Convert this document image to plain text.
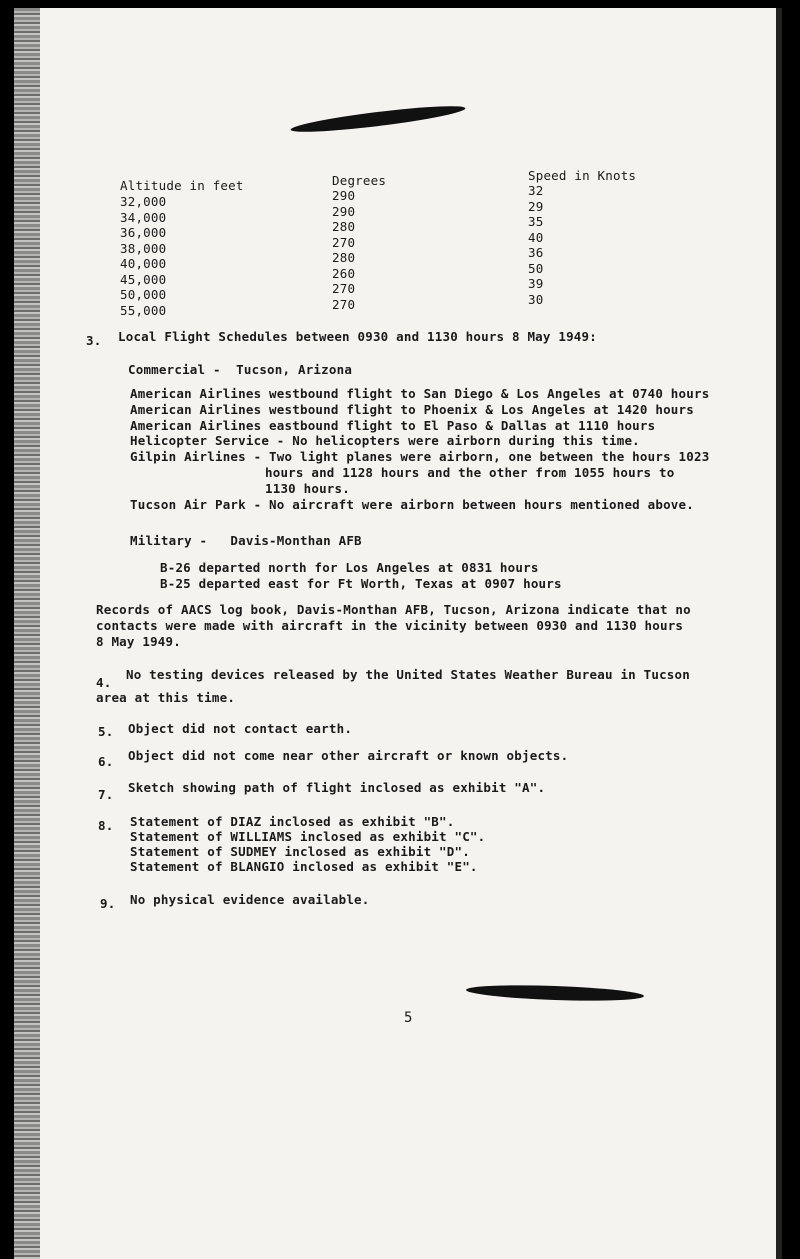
Altitude in feet	Degrees	Speed in Knots
32,000
34,000
36,000
38,000
40,000
45,000
50,000
55,000
290
290
280
270
280
260
270
270
32
29
35
40
36
50
39
30
3. Local Flight Schedules between 0930 and 1130 hours 8 May 1949:
Commercial -  Tucson, Arizona
American Airlines westbound flight to San Diego & Los Angeles at 0740 hours
American Airlines westbound flight to Phoenix & Los Angeles at 1420 hours
American Airlines eastbound flight to El Paso & Dallas at 1110 hours
Helicopter Service - No helicopters were airborn during this time.
Gilpin Airlines - Two light planes were airborn, one between the hours 1023
hours and 1128 hours and the other from 1055 hours to
1130 hours.
Tucson Air Park - No aircraft were airborn between hours mentioned above.
Military -   Davis-Monthan AFB
B-26 departed north for Los Angeles at 0831 hours
B-25 departed east for Ft Worth, Texas at 0907 hours
Records of AACS log book, Davis-Monthan AFB, Tucson, Arizona indicate that no
contacts were made with aircraft in the vicinity between 0930 and 1130 hours
8 May 1949.
4.
No testing devices released by the United States Weather Bureau in Tucson
area at this time.
5. Object did not contact earth.
6. Object did not come near other aircraft or known objects.
7. Sketch showing path of flight inclosed as exhibit "A".
8. Statement of DIAZ inclosed as exhibit "B".
Statement of WILLIAMS inclosed as exhibit "C".
Statement of SUDMEY inclosed as exhibit "D".
Statement of BLANGIO inclosed as exhibit "E".
9. No physical evidence available.
5
